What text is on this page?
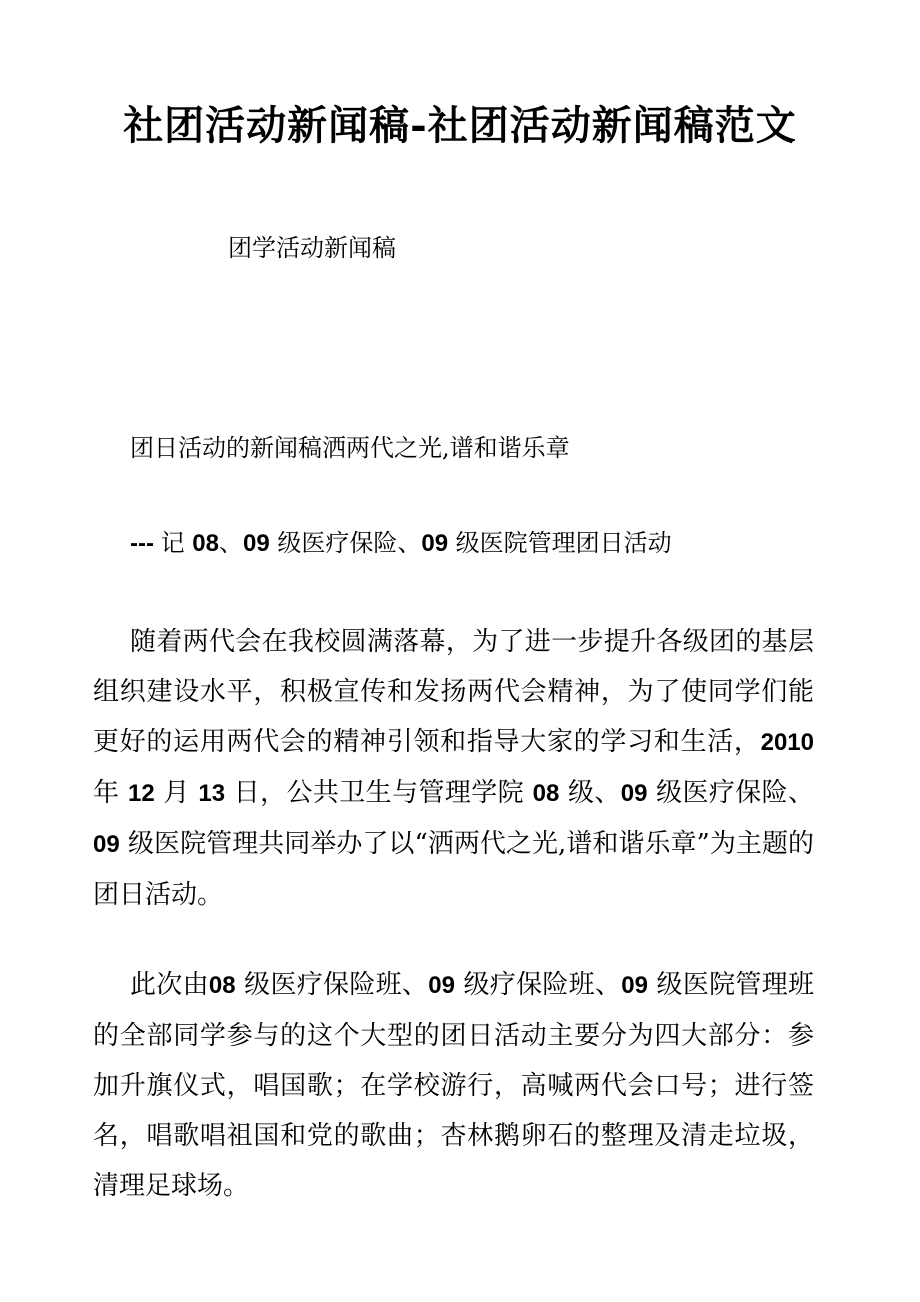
社团活动新闻稿-社团活动新闻稿范文
团学活动新闻稿
团日活动的新闻稿洒两代之光,谱和谐乐章
--- 记 08、09 级医疗保险、09 级医院管理团日活动

随着两代会在我校圆满落幕，为了进一步提升各级团的基层组织建设水平，积极宣传和发扬两代会精神，为了使同学们能更好的运用两代会的精神引领和指导大家的学习和生活，2010 年 12 月 13 日，公共卫生与管理学院 08 级、09 级医疗保险、09 级医院管理共同举办了以“洒两代之光,谱和谐乐章”为主题的团日活动。

此次由08 级医疗保险班、09 级疗保险班、09 级医院管理班的全部同学参与的这个大型的团日活动主要分为四大部分：参加升旗仪式，唱国歌；在学校游行，高喊两代会口号；进行签名，唱歌唱祖国和党的歌曲；杏林鹅卵石的整理及清走垃圾，清理足球场。
